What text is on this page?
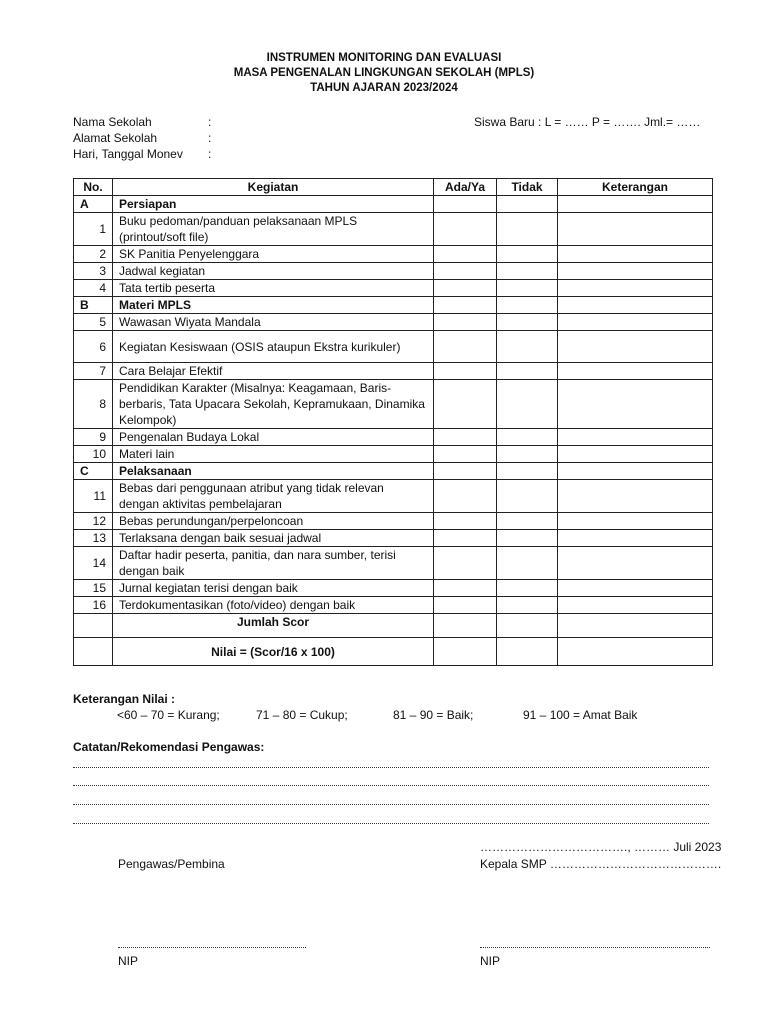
INSTRUMEN MONITORING DAN EVALUASI
MASA PENGENALAN LINGKUNGAN SEKOLAH (MPLS)
TAHUN AJARAN 2023/2024
Nama Sekolah	:
Alamat Sekolah	:
Hari, Tanggal Monev :
Siswa Baru : L = …… P = ……. Jml.= ……
No.	Kegiatan	Ada/Ya	Tidak	Keterangan
A	Persiapan			
1	Buku pedoman/panduan pelaksanaan MPLS (printout/soft file)			
2	SK Panitia Penyelenggara			
3	Jadwal kegiatan			
4	Tata tertib peserta			
B	Materi MPLS			
5	Wawasan Wiyata Mandala			
6	Kegiatan Kesiswaan (OSIS ataupun Ekstra kurikuler)			
7	Cara Belajar Efektif			
8	Pendidikan Karakter (Misalnya: Keagamaan, Baris-berbaris, Tata Upacara Sekolah, Kepramukaan, Dinamika Kelompok)			
9	Pengenalan Budaya Lokal			
10	Materi lain			
C	Pelaksanaan			
11	Bebas dari penggunaan atribut yang tidak relevan dengan aktivitas pembelajaran			
12	Bebas perundungan/perpeloncoan			
13	Terlaksana dengan baik sesuai jadwal			
14	Daftar hadir peserta, panitia, dan nara sumber, terisi dengan baik			
15	Jurnal kegiatan terisi dengan baik			
16	Terdokumentasikan (foto/video) dengan baik			
	Jumlah Scor			
	Nilai = (Scor/16 x 100)			
Keterangan Nilai :
<60 – 70 = Kurang;	71 – 80 = Cukup;	81 – 90 = Baik;	91 – 100 = Amat Baik
Catatan/Rekomendasi Pengawas:
………………………………., ……… Juli 2023
Pengawas/Pembina	Kepala SMP …………………………………….
NIP	NIP
